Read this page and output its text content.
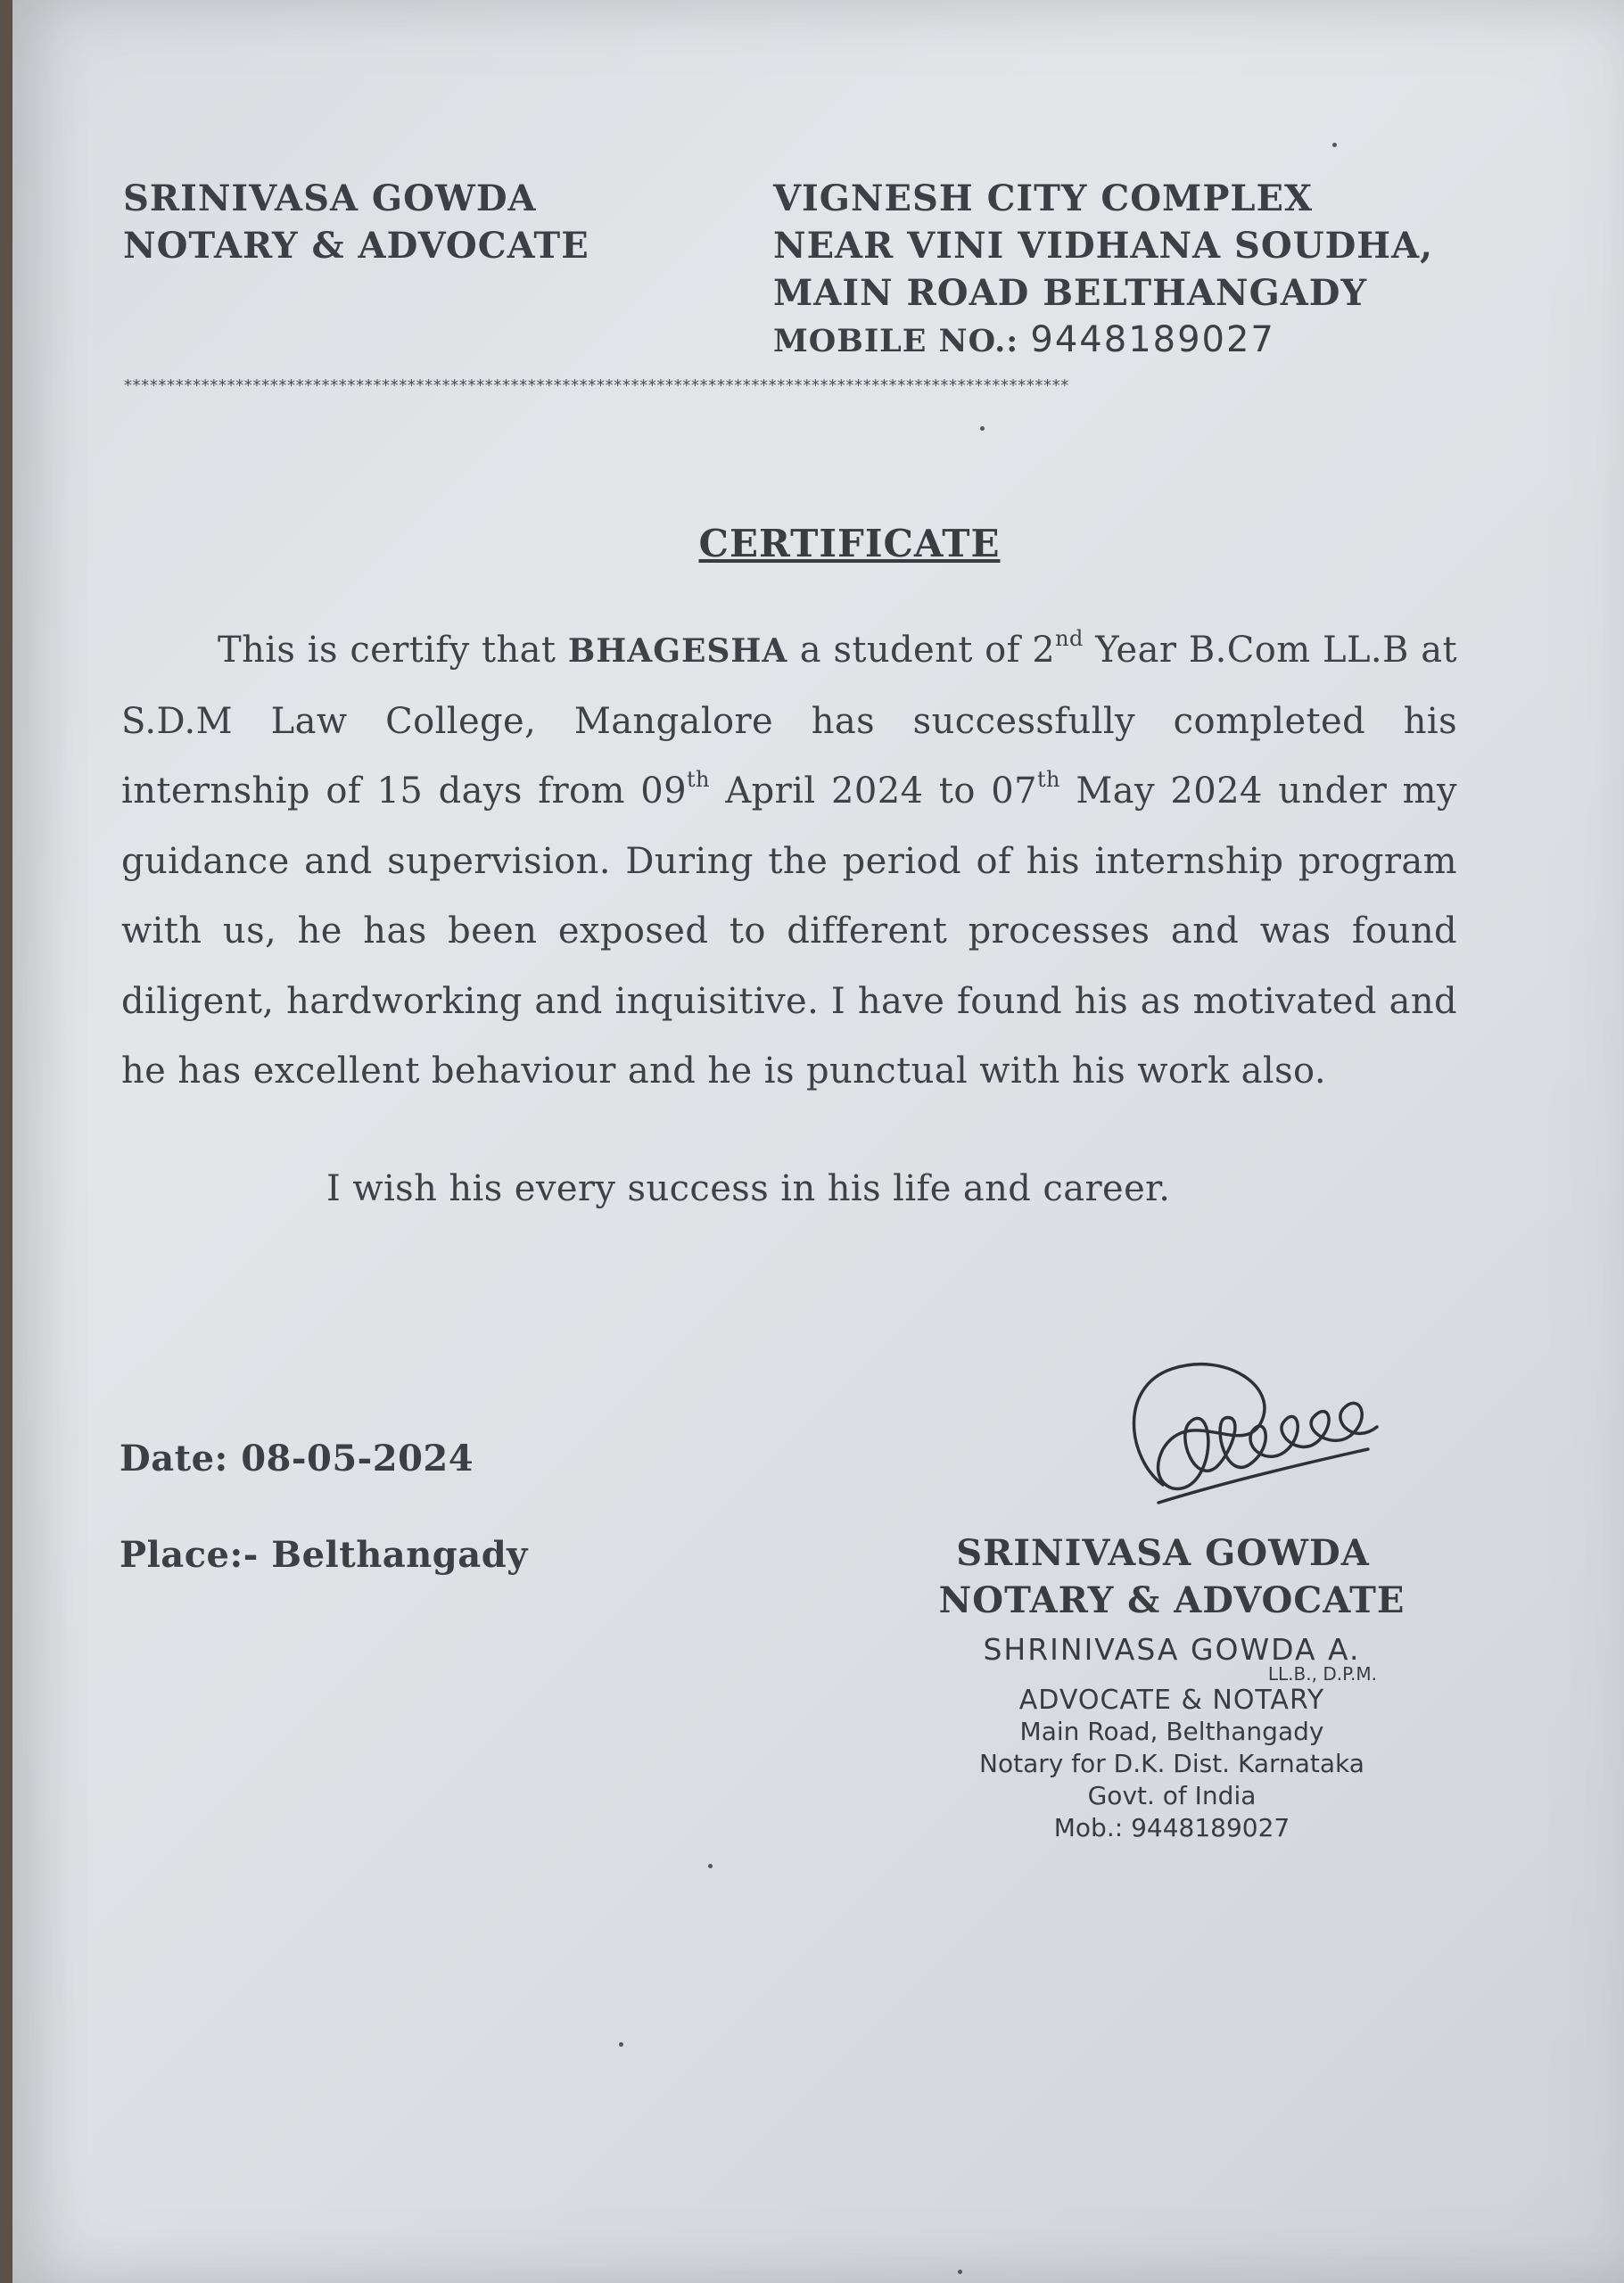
SRINIVASA GOWDA
NOTARY & ADVOCATE
VIGNESH CITY COMPLEX
NEAR VINI VIDHANA SOUDHA,
MAIN ROAD BELTHANGADY
MOBILE NO.: 9448189027
**************************************************************************************************************
CERTIFICATE

This is certify that BHAGESHA a student of 2nd Year B.Com LL.B at S.D.M Law College, Mangalore has successfully completed his internship of 15 days from 09th April 2024 to 07th May 2024 under my guidance and supervision. During the period of his internship program with us, he has been exposed to different processes and was found diligent, hardworking and inquisitive. I have found his as motivated and he has excellent behaviour and he is punctual with his work also.

I wish his every success in his life and career.
Date: 08-05-2024
Place:- Belthangady	SRINIVASA GOWDA
NOTARY & ADVOCATE
SHRINIVASA GOWDA A.
LL.B., D.P.M.
ADVOCATE & NOTARY
Main Road, Belthangady
Notary for D.K. Dist. Karnataka
Govt. of India
Mob.: 9448189027
